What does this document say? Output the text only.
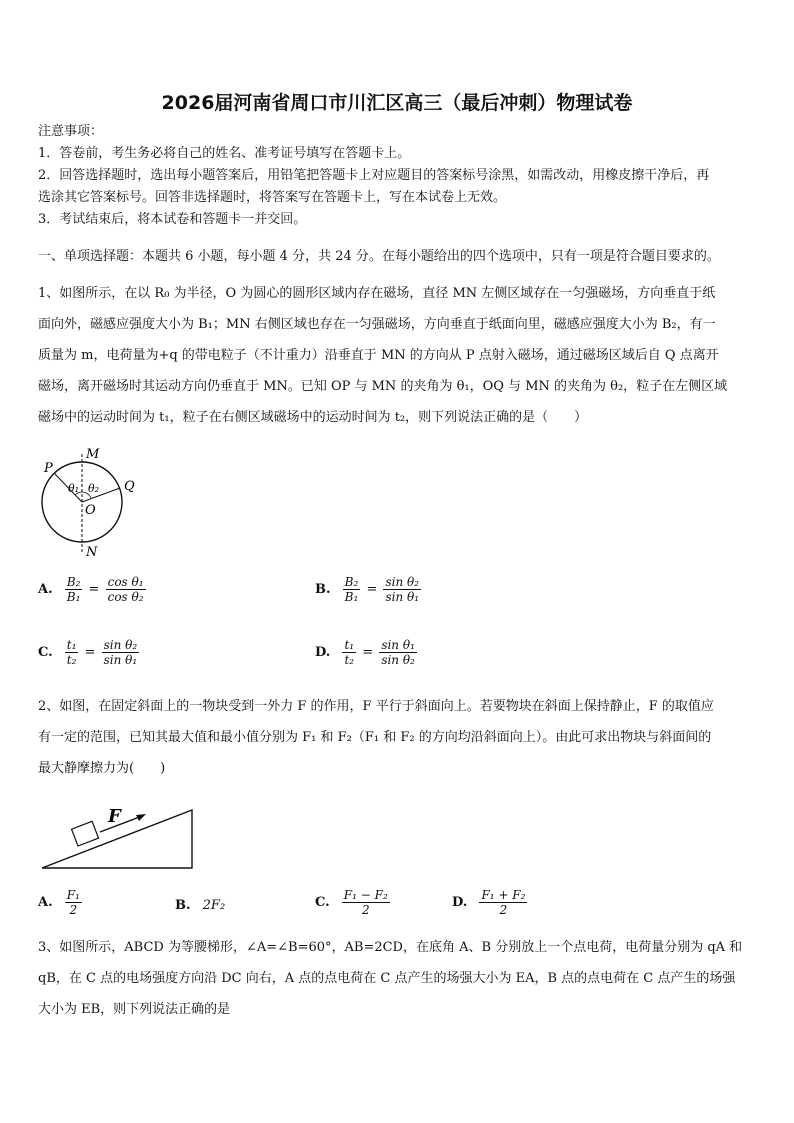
2026届河南省周口市川汇区高三（最后冲刺）物理试卷
注意事项：
1．答卷前，考生务必将自己的姓名、准考证号填写在答题卡上。
2．回答选择题时，选出每小题答案后，用铅笔把答题卡上对应题目的答案标号涂黑，如需改动，用橡皮擦干净后，再
选涂其它答案标号。回答非选择题时，将答案写在答题卡上，写在本试卷上无效。
3．考试结束后，将本试卷和答题卡一并交回。
一、单项选择题：本题共 6 小题，每小题 4 分，共 24 分。在每小题给出的四个选项中，只有一项是符合题目要求的。
1、如图所示，在以 R₀ 为半径，O 为圆心的圆形区域内存在磁场，直径 MN 左侧区域存在一匀强磁场，方向垂直于纸
面向外，磁感应强度大小为 B₁；MN 右侧区域也存在一匀强磁场，方向垂直于纸面向里，磁感应强度大小为 B₂，有一
质量为 m，电荷量为+q 的带电粒子（不计重力）沿垂直于 MN 的方向从 P 点射入磁场，通过磁场区域后自 Q 点离开
磁场，离开磁场时其运动方向仍垂直于 MN。已知 OP 与 MN 的夹角为 θ₁，OQ 与 MN 的夹角为 θ₂，粒子在左侧区域
磁场中的运动时间为 t₁，粒子在右侧区域磁场中的运动时间为 t₂，则下列说法正确的是（　　）
M
N
P
Q
O
θ₁ θ₂
A. $\frac{\text{B₂}}{\text{B₁}} = \frac{\text{cos θ₁}}{\text{cos θ₂}}$	B. $\frac{\text{B₂}}{\text{B₁}} = \frac{\text{sin θ₂}}{\text{sin θ₁}}$
C. $\frac{\text{t₁}}{\text{t₂}} = \frac{\text{sin θ₂}}{\text{sin θ₁}}$	D. $\frac{\text{t₁}}{\text{t₂}} = \frac{\text{sin θ₁}}{\text{sin θ₂}}$
2、如图，在固定斜面上的一物块受到一外力 F 的作用，F 平行于斜面向上。若要物块在斜面上保持静止，F 的取值应
有一定的范围，已知其最大值和最小值分别为 F₁ 和 F₂（F₁ 和 F₂ 的方向均沿斜面向上）。由此可求出物块与斜面间的
最大静摩擦力为(　　)
F
A. $\frac{\text{F₁}}{2}$	B. 2F₂	C. $\frac{\text{F₁ − F₂}}{2}$	D. $\frac{\text{F₁ + F₂}}{2}$
3、如图所示，ABCD 为等腰梯形，∠A=∠B=60°，AB=2CD，在底角 A、B 分别放上一个点电荷，电荷量分别为 qA 和
qB，在 C 点的电场强度方向沿 DC 向右，A 点的点电荷在 C 点产生的场强大小为 EA，B 点的点电荷在 C 点产生的场强
大小为 EB，则下列说法正确的是
